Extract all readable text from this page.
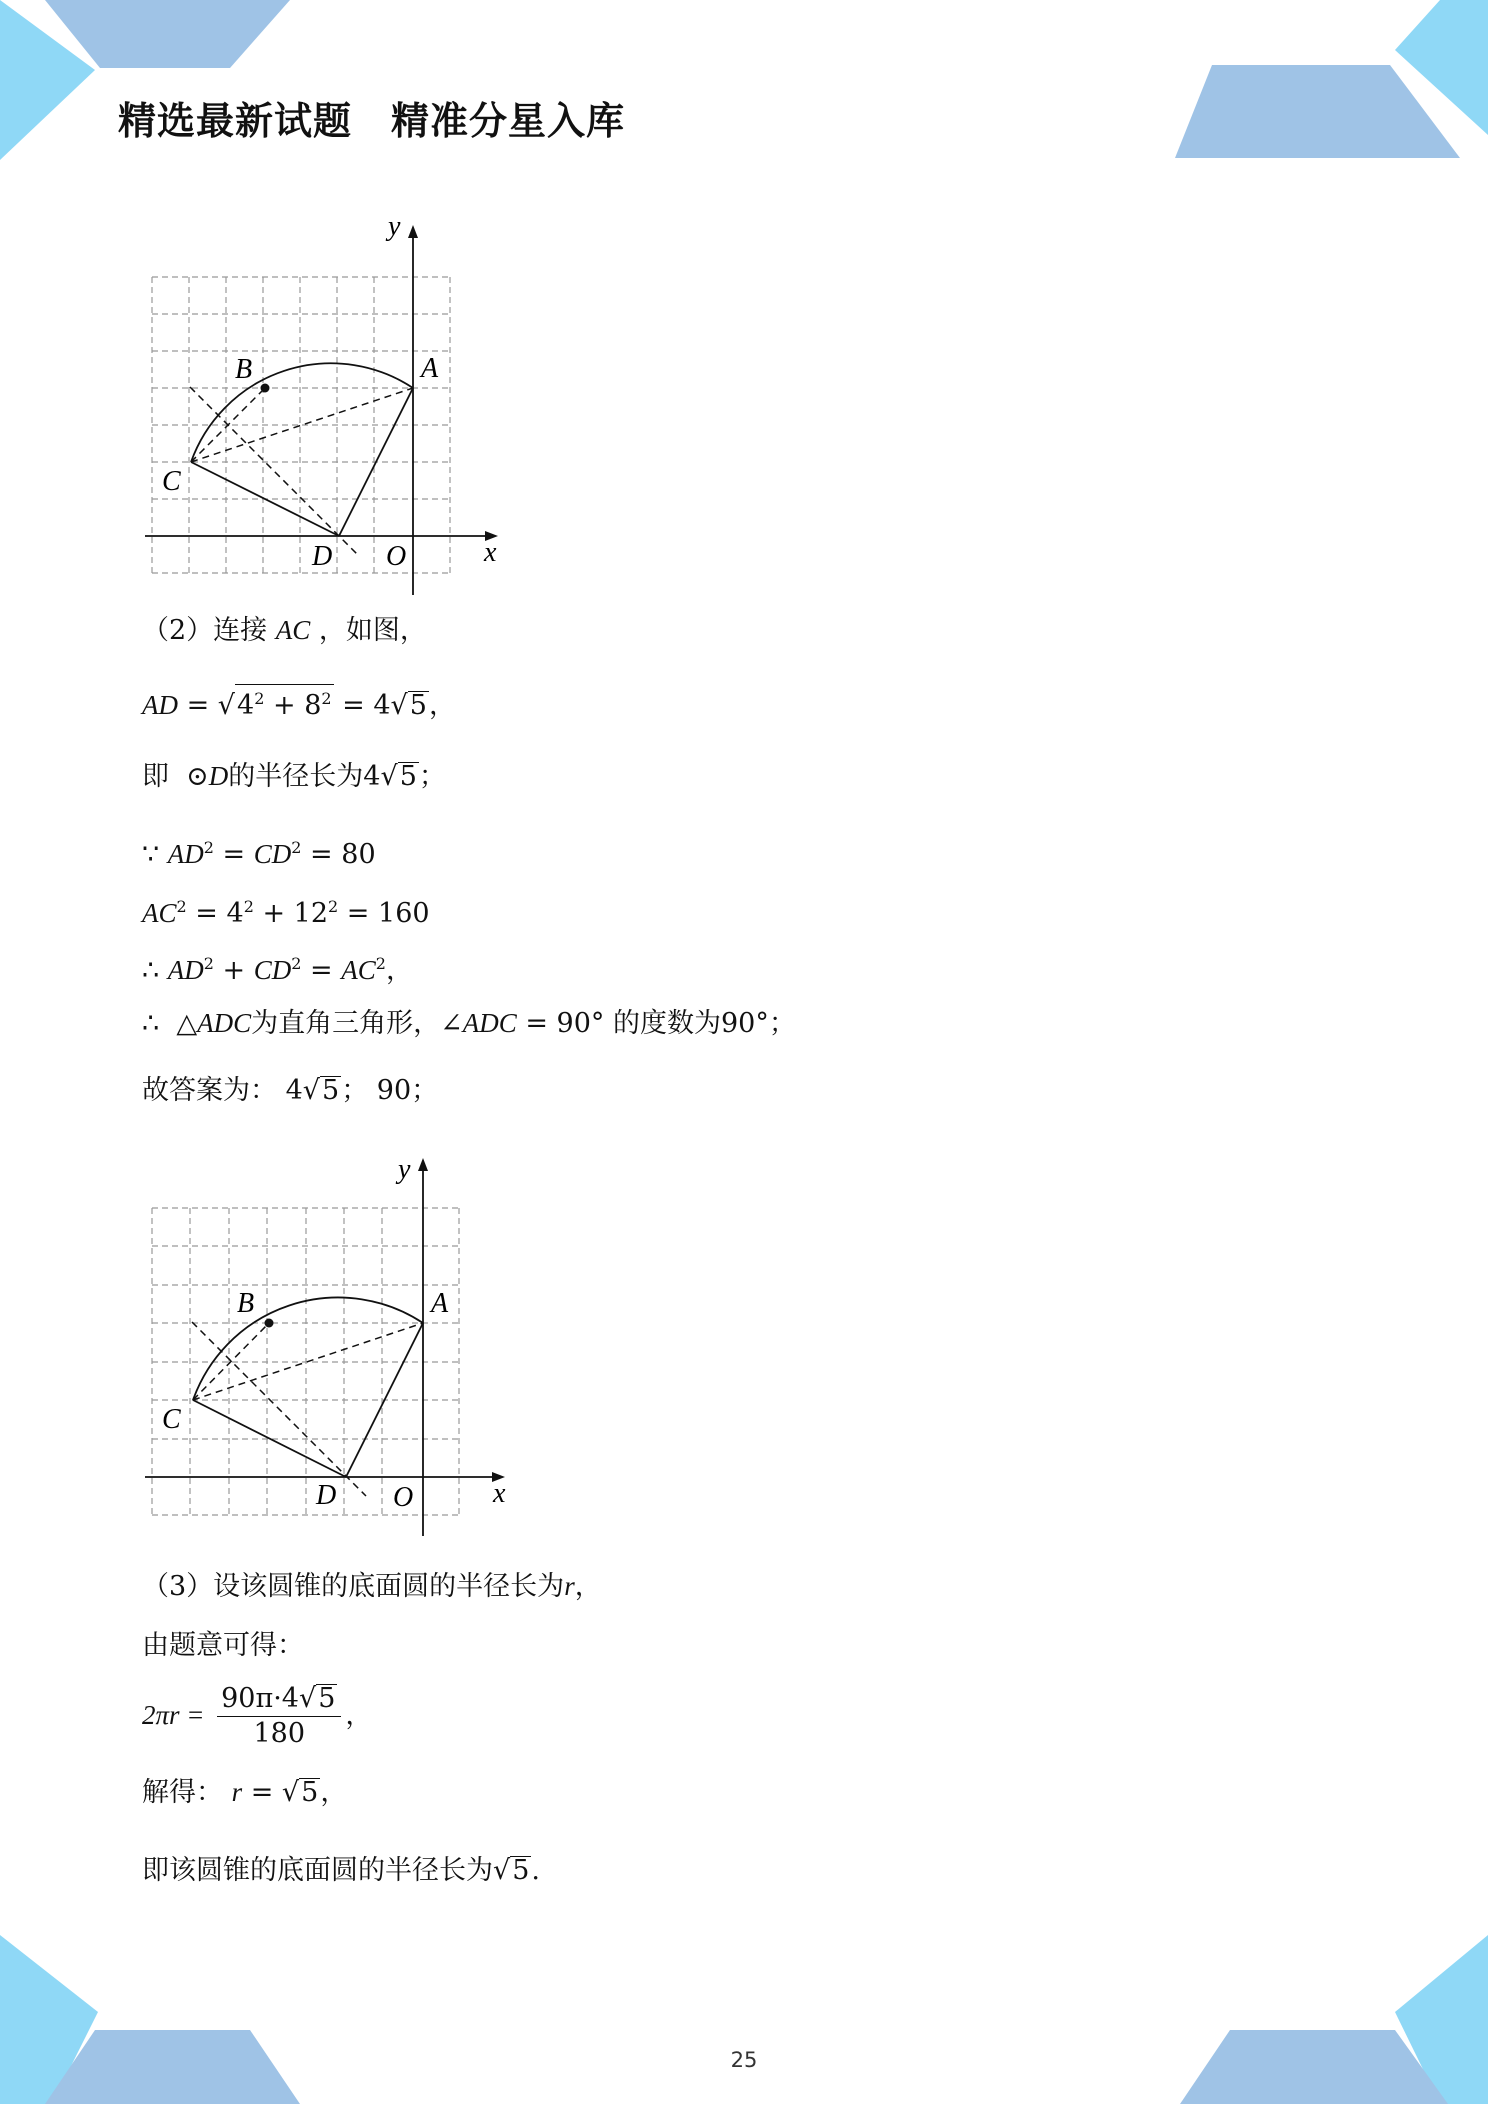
精选最新试题　精准分星入库
y
x
A
B
C
D O
（2）连接 AC ，如图，
AD = $√4^2 + 8^2 = 4√5$，
即  ⊙D的半径长为4√5；
∵ $AD^2 = CD^2 = 80$
$AC^2 = 4^2 + 12^2 = 160$
∴ $AD^2 + CD^2 = AC^2$，
∴  △ADC为直角三角形，∠ADC = 90° 的度数为90°；
故答案为： 4√5； 90；
y
x
A
B
C
D O
（3）设该圆锥的底面圆的半径长为r，
由题意可得：
$2\pi r = \frac{90\pi\cdot 4√5}{180}$ ，
解得： r = √5，
即该圆锥的底面圆的半径长为√5.
25
